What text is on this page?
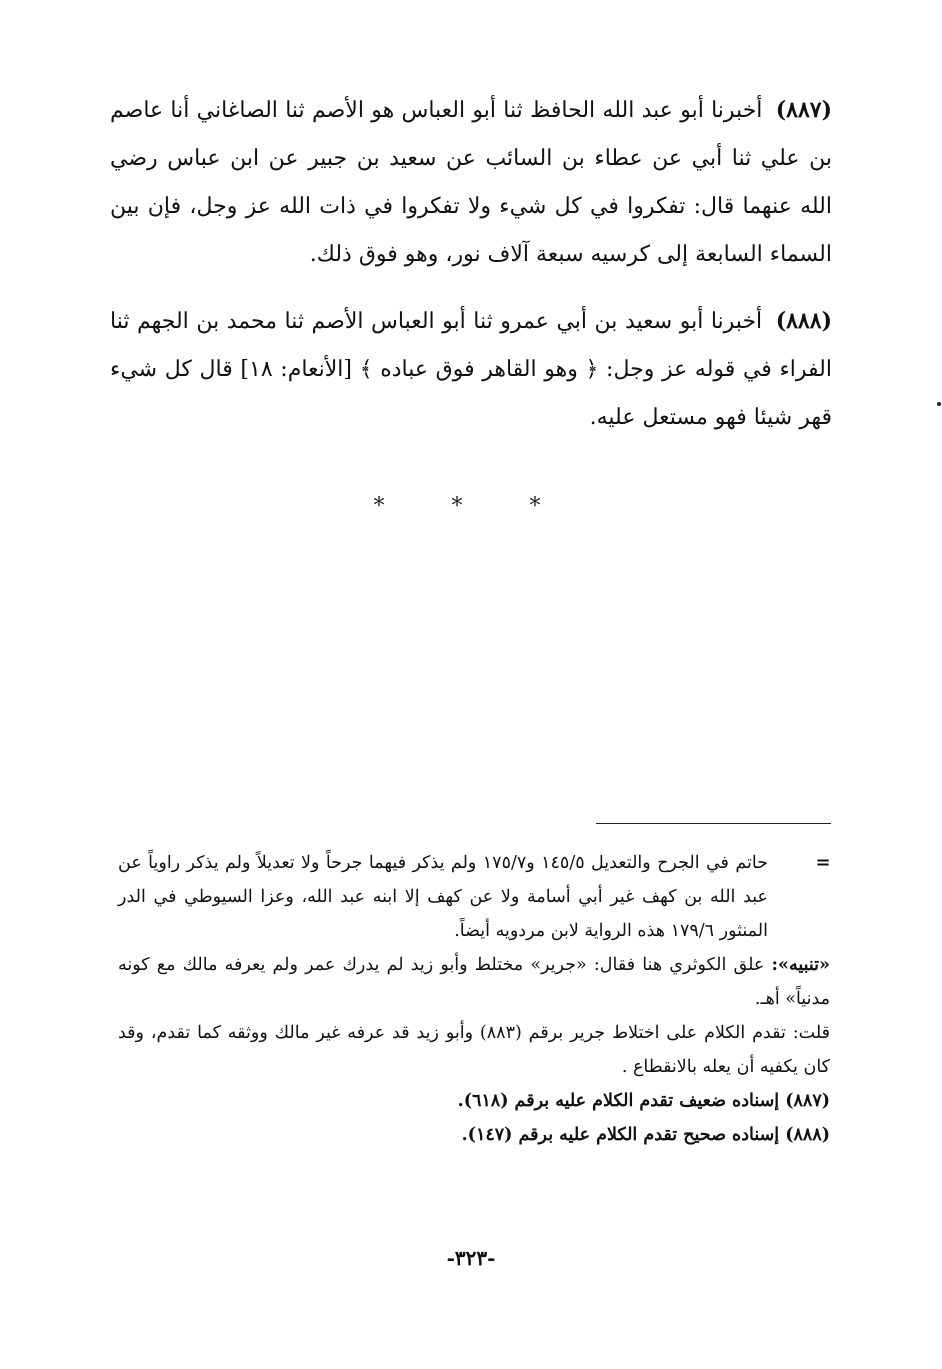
(٨٨٧) أخبرنا أبو عبد الله الحافظ ثنا أبو العباس هو الأصم ثنا الصاغاني أنا عاصم بن علي ثنا أبي عن عطاء بن السائب عن سعيد بن جبير عن ابن عباس رضي الله عنهما قال: تفكروا في كل شيء ولا تفكروا في ذات الله عز وجل، فإن بين السماء السابعة إلى كرسيه سبعة آلاف نور، وهو فوق ذلك.

(٨٨٨) أخبرنا أبو سعيد بن أبي عمرو ثنا أبو العباس الأصم ثنا محمد بن الجهم ثنا الفراء في قوله عز وجل: ﴿ وهو القاهر فوق عباده ﴾ [الأنعام: ١٨] قال كل شيء قهر شيئا فهو مستعل عليه.

* * *
=

حاتم في الجرح والتعديل ١٤٥/٥ و١٧٥/٧ ولم يذكر فيهما جرحاً ولا تعديلاً ولم يذكر راوياً عن عبد الله بن كهف غير أبي أسامة ولا عن كهف إلا ابنه عبد الله، وعزا السيوطي في الدر المنثور ١٧٩/٦ هذه الرواية لابن مردويه أيضاً.

«تنبيه»: علق الكوثري هنا فقال: «جرير» مختلط وأبو زيد لم يدرك عمر ولم يعرفه مالك مع كونه مدنياً» أهـ.

قلت: تقدم الكلام على اختلاط جرير برقم (٨٨٣) وأبو زيد قد عرفه غير مالك ووثقه كما تقدم، وقد كان يكفيه أن يعله بالانقطاع .

(٨٨٧) إسناده ضعيف تقدم الكلام عليه برقم (٦١٨).

(٨٨٨) إسناده صحيح تقدم الكلام عليه برقم (١٤٧).

-٣٢٣-
